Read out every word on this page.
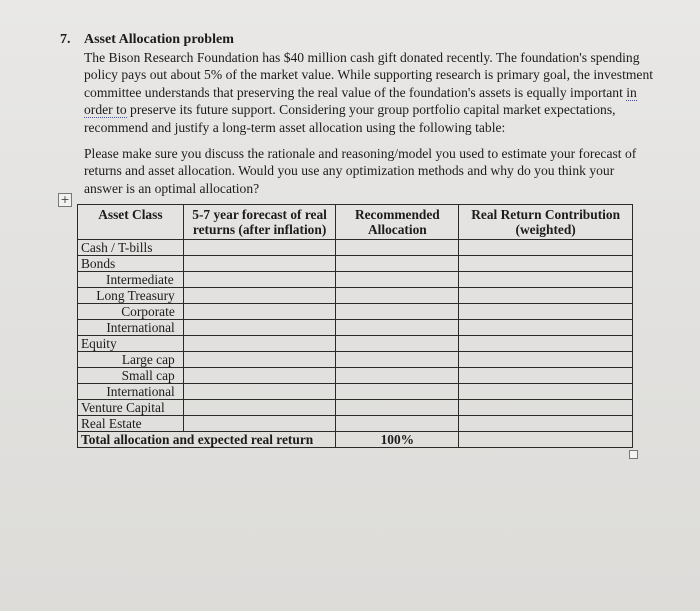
7. Asset Allocation problem
The Bison Research Foundation has $40 million cash gift donated recently. The foundation's spending policy pays out about 5% of the market value. While supporting research is primary goal, the investment committee understands that preserving the real value of the foundation's assets is equally important in order to preserve its future support. Considering your group portfolio capital market expectations, recommend and justify a long-term asset allocation using the following table:
Please make sure you discuss the rationale and reasoning/model you used to estimate your forecast of returns and asset allocation. Would you use any optimization methods and why do you think your answer is an optimal allocation?
+
Asset Class	5-7 year forecast of real returns (after inflation)	Recommended Allocation	Real Return Contribution (weighted)
Cash / T-bills			
Bonds			
Intermediate			
Long Treasury			
Corporate			
International			
Equity			
Large cap			
Small cap			
International			
Venture Capital			
Real Estate			
Total allocation and expected real return		100%	
